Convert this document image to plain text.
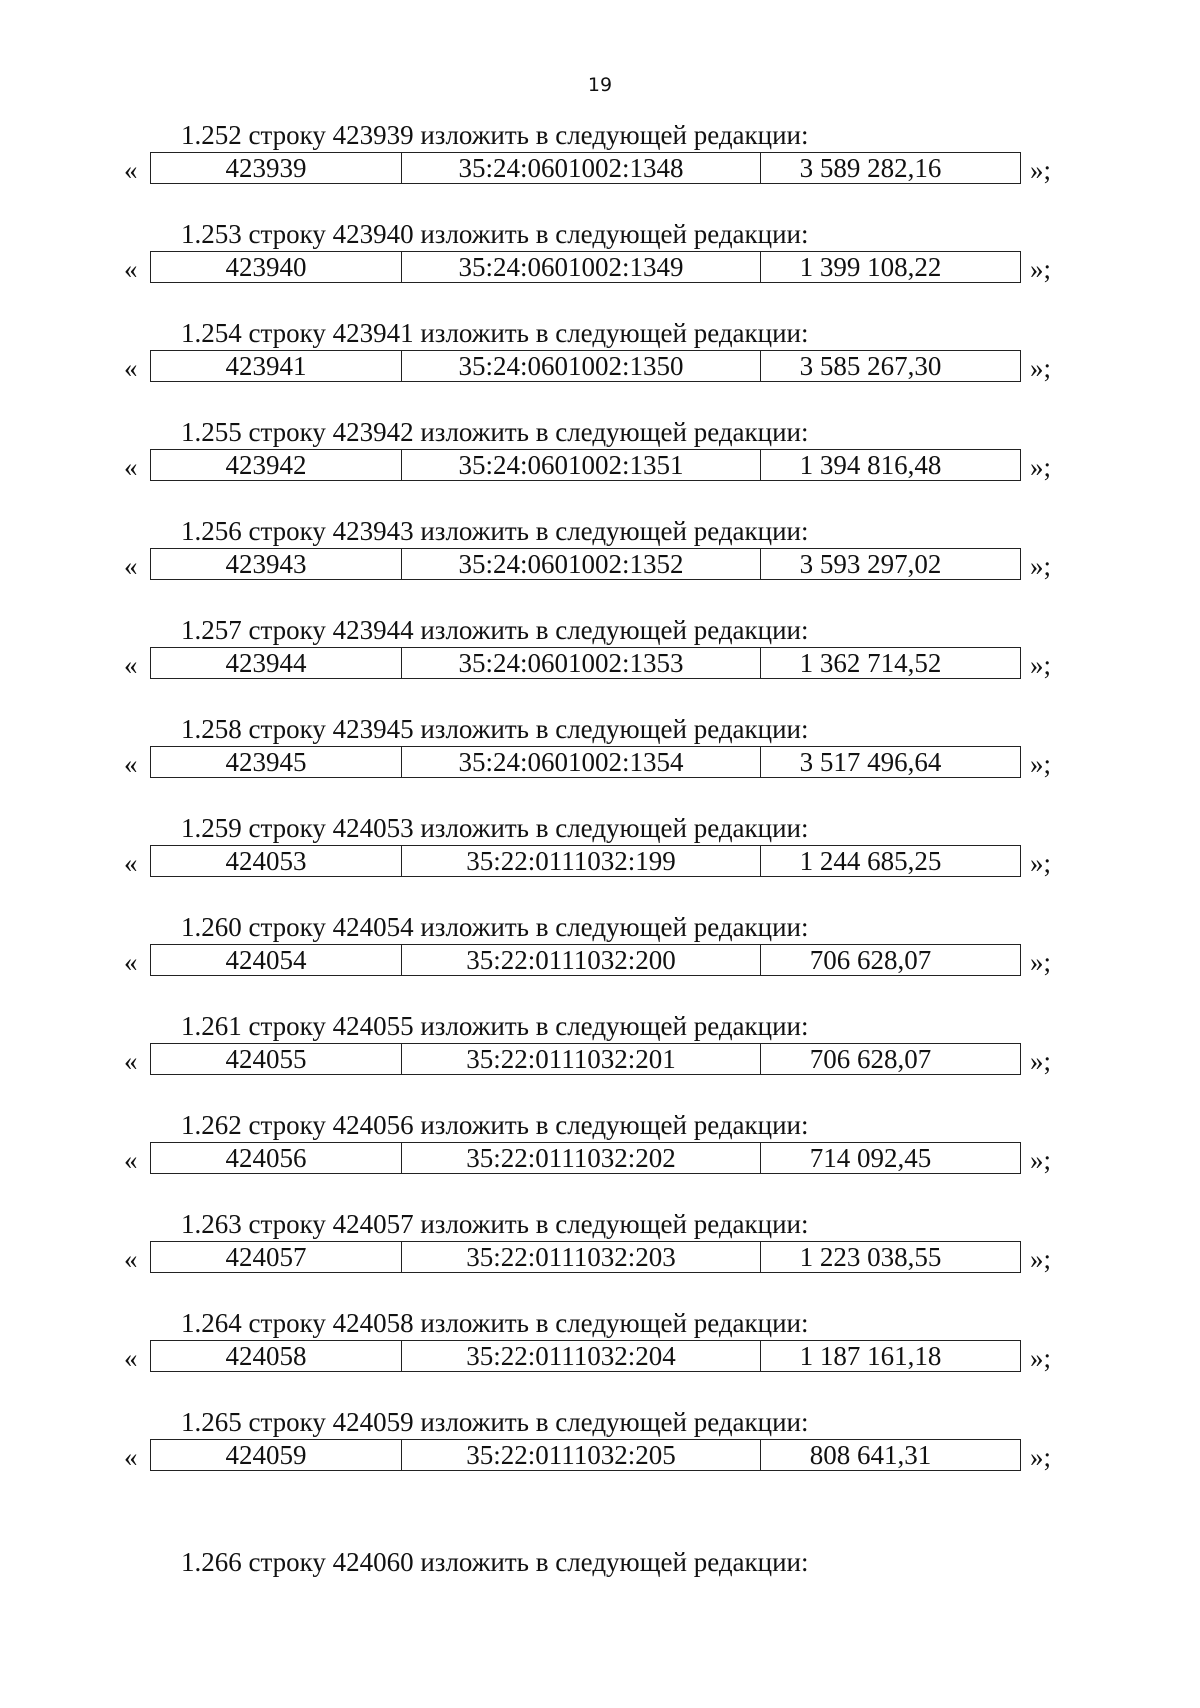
19
1.252 строку 423939 изложить в следующей редакции:
«	423939	35:24:0601002:1348	3 589 282,16	»;
1.253 строку 423940 изложить в следующей редакции:
«	423940	35:24:0601002:1349	1 399 108,22	»;
1.254 строку 423941 изложить в следующей редакции:
«	423941	35:24:0601002:1350	3 585 267,30	»;
1.255 строку 423942 изложить в следующей редакции:
«	423942	35:24:0601002:1351	1 394 816,48	»;
1.256 строку 423943 изложить в следующей редакции:
«	423943	35:24:0601002:1352	3 593 297,02	»;
1.257 строку 423944 изложить в следующей редакции:
«	423944	35:24:0601002:1353	1 362 714,52	»;
1.258 строку 423945 изложить в следующей редакции:
«	423945	35:24:0601002:1354	3 517 496,64	»;
1.259 строку 424053 изложить в следующей редакции:
«	424053	35:22:0111032:199	1 244 685,25	»;
1.260 строку 424054 изложить в следующей редакции:
«	424054	35:22:0111032:200	706 628,07	»;
1.261 строку 424055 изложить в следующей редакции:
«	424055	35:22:0111032:201	706 628,07	»;
1.262 строку 424056 изложить в следующей редакции:
«	424056	35:22:0111032:202	714 092,45	»;
1.263 строку 424057 изложить в следующей редакции:
«	424057	35:22:0111032:203	1 223 038,55	»;
1.264 строку 424058 изложить в следующей редакции:
«	424058	35:22:0111032:204	1 187 161,18	»;
1.265 строку 424059 изложить в следующей редакции:
«	424059	35:22:0111032:205	808 641,31	»;
1.266 строку 424060 изложить в следующей редакции:
